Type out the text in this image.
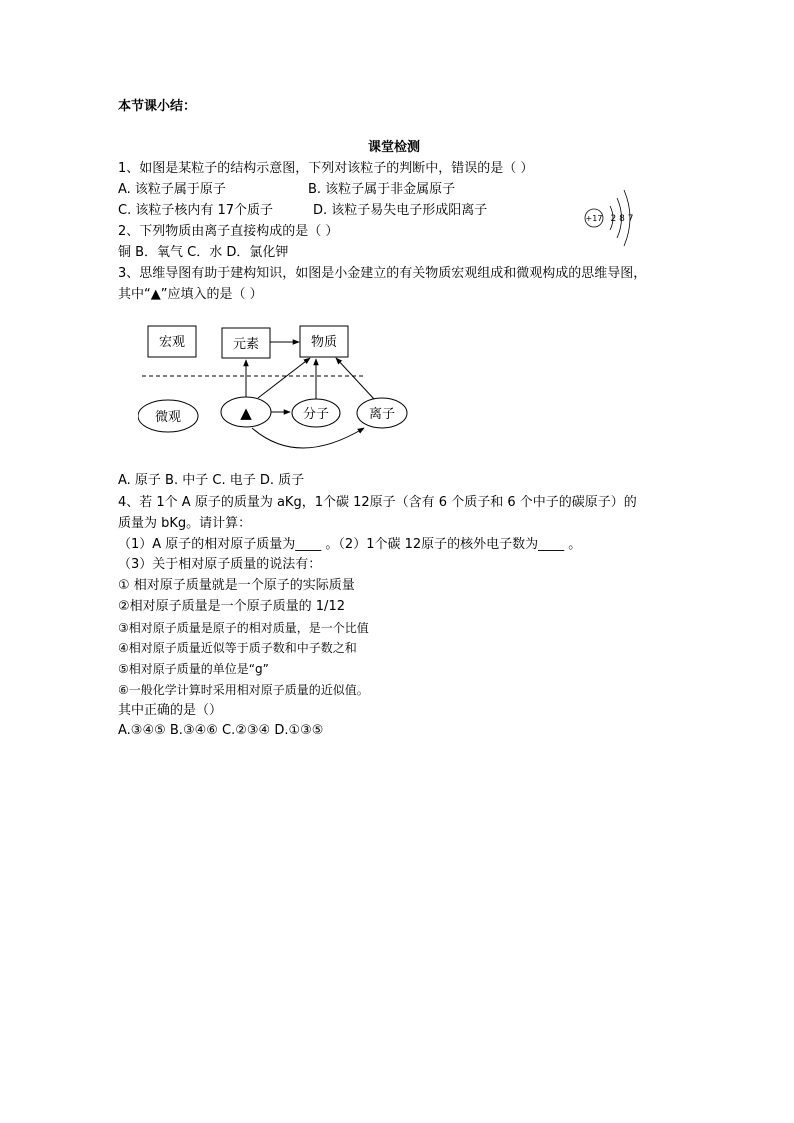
本节课小结：
课堂检测
1、如图是某粒子的结构示意图，下列对该粒子的判断中，错误的是（ ）
A. 该粒子属于原子	B. 该粒子属于非金属原子
C. 该粒子核内有 17个质子	D. 该粒子易失电子形成阳离子
+17 2 8 7
2、下列物质由离子直接构成的是（ ）
铜 B．氧气 C．水 D．氯化钾
3、思维导图有助于建构知识，如图是小金建立的有关物质宏观组成和微观构成的思维导图，
其中“▲”应填入的是（ ）
宏观	元素	物质
微观	▲	分子	离子
A. 原子 B. 中子 C. 电子 D. 质子
4、若 1个 A 原子的质量为 aKg，1个碳 12原子（含有 6 个质子和 6 个中子的碳原子）的
质量为 bKg。请计算：
（1）A 原子的相对原子质量为____ 。（2）1个碳 12原子的核外电子数为____ 。
（3）关于相对原子质量的说法有：
① 相对原子质量就是一个原子的实际质量
②相对原子质量是一个原子质量的 1/12
③相对原子质量是原子的相对质量，是一个比值
④相对原子质量近似等于质子数和中子数之和
⑤相对原子质量的单位是“g”
⑥一般化学计算时采用相对原子质量的近似值。
其中正确的是（）
A.③④⑤ B.③④⑥ C.②③④ D.①③⑤
